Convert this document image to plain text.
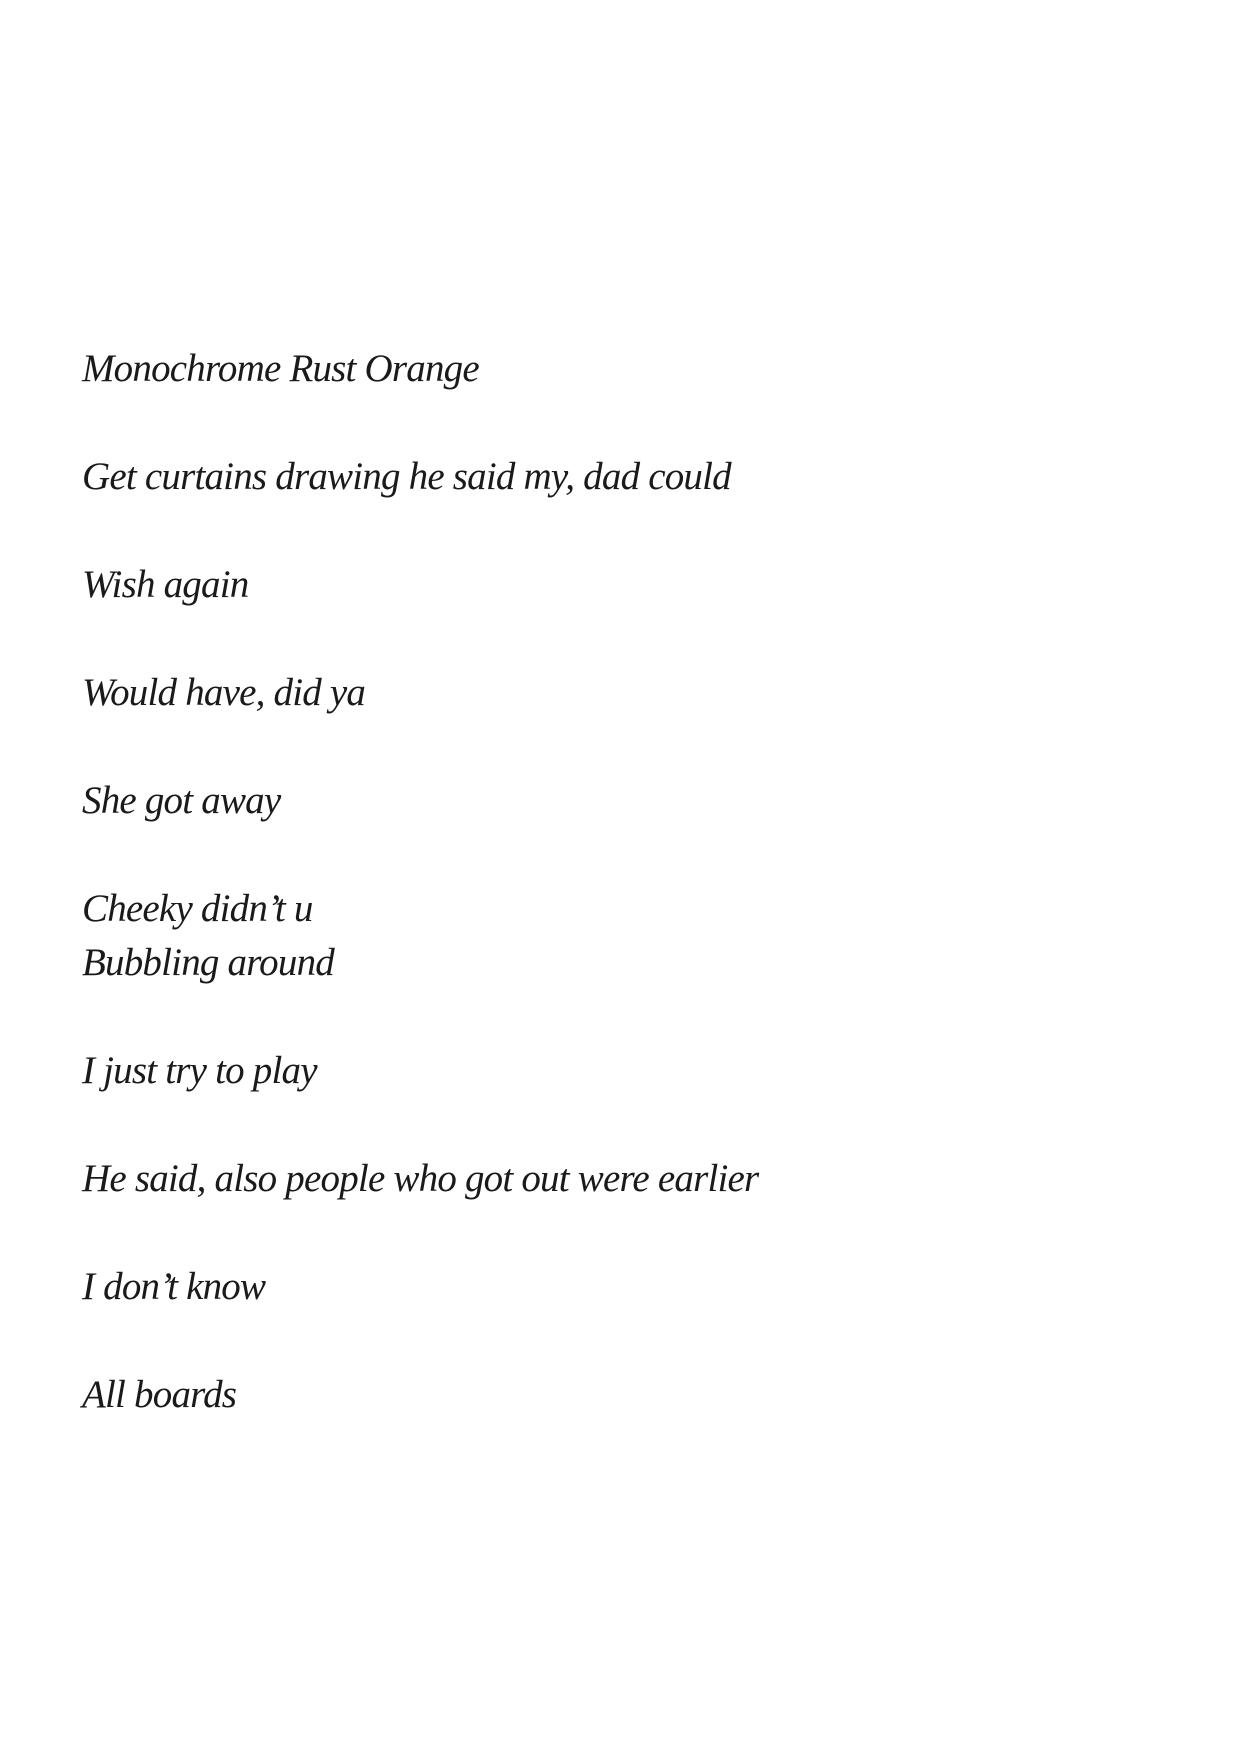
Monochrome Rust Orange
Get curtains drawing he said my, dad could
Wish again
Would have, did ya
She got away
Cheeky didn’t u
Bubbling around
I just try to play
He said, also people who got out were earlier
I don’t know
All boards
